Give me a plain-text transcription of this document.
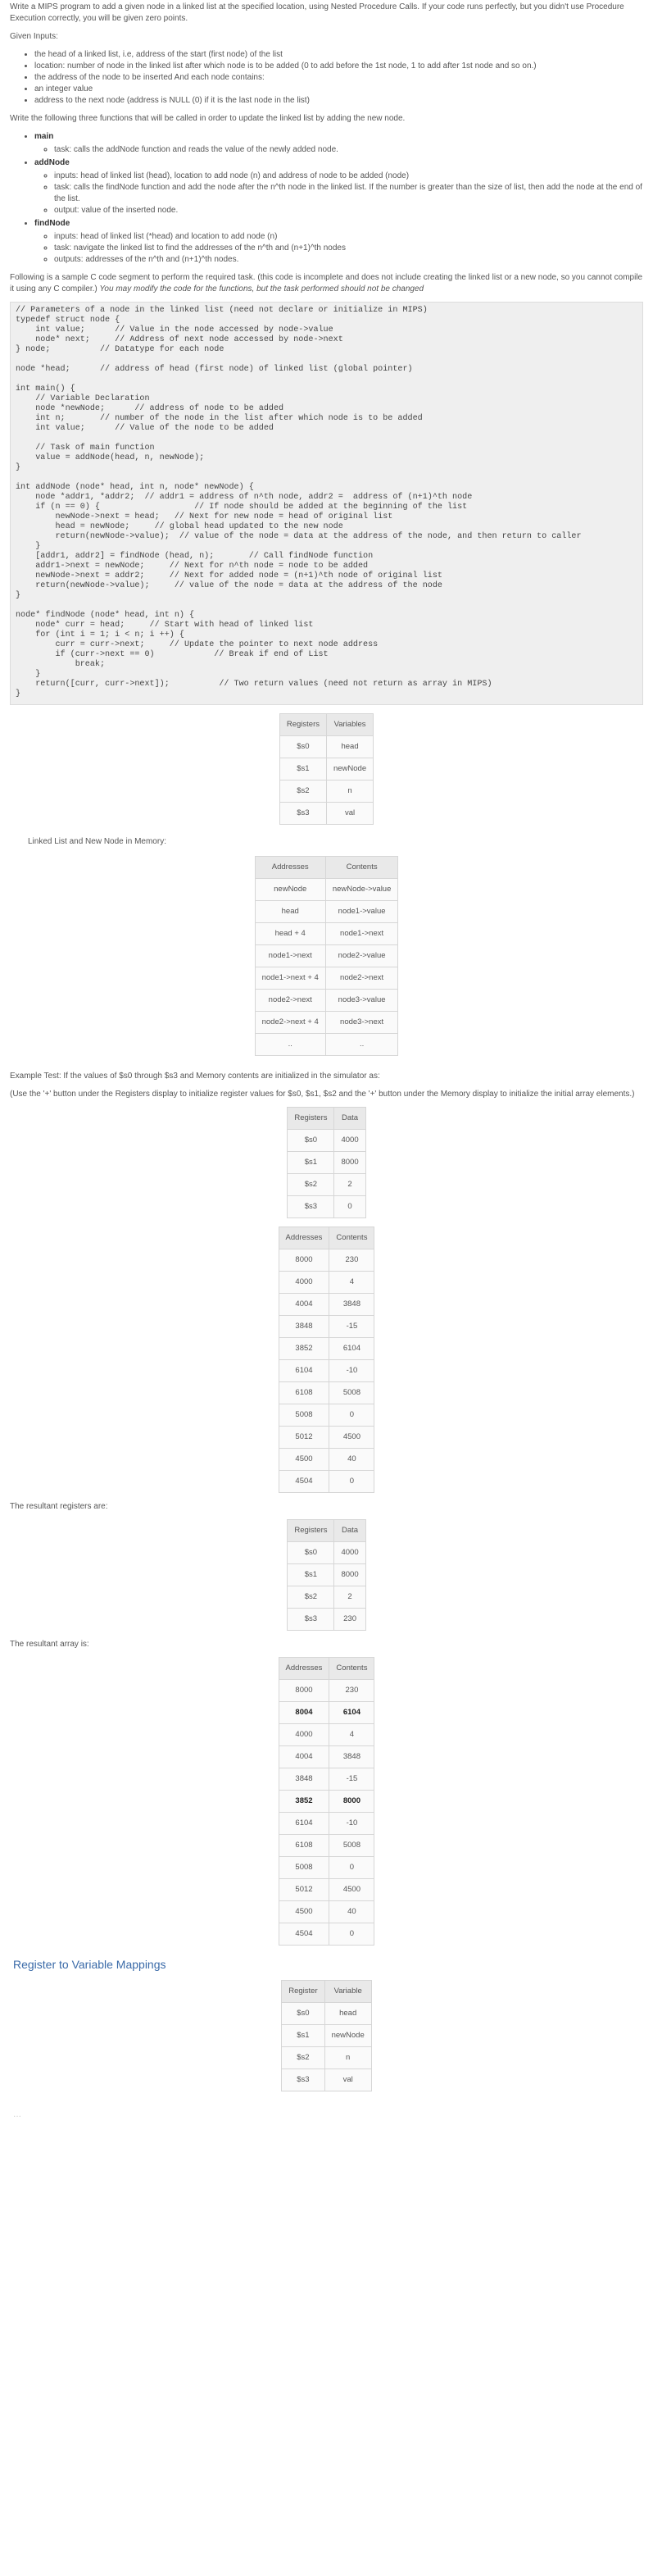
Write a MIPS program to add a given node in a linked list at the specified location, using Nested Procedure Calls. If your code runs perfectly, but you didn't use Procedure Execution correctly, you will be given zero points.

Given Inputs:

• the head of a linked list, i.e, address of the start (first node) of the list
• location: number of node in the linked list after which node is to be added (0 to add before the 1st node, 1 to add after 1st node and so on.)
• the address of the node to be inserted And each node contains:
• an integer value
• address to the next node (address is NULL (0) if it is the last node in the list)

Write the following three functions that will be called in order to update the linked list by adding the new node.

• main
◦ task: calls the addNode function and reads the value of the newly added node.
• addNode
◦ inputs: head of linked list (head), location to add node (n) and address of node to be added (node)
◦ task: calls the findNode function and add the node after the n^th node in the linked list. If the number is greater than the size of list, then add the node at the end of the list.
◦ output: value of the inserted node.
• findNode
◦ inputs: head of linked list (*head) and location to add node (n)
◦ task: navigate the linked list to find the addresses of the n^th and (n+1)^th nodes
◦ outputs: addresses of the n^th and (n+1)^th nodes.

Following is a sample C code segment to perform the required task. (this code is incomplete and does not include creating the linked list or a new node, so you cannot compile it using any C compiler.) You may modify the code for the functions, but the task performed should not be changed

// Parameters of a node in the linked list (need not declare or initialize in MIPS)
typedef struct node {
int value;      // Value in the node accessed by node->value
node* next;     // Address of next node accessed by node->next
} node;          // Datatype for each node

node *head;      // address of head (first node) of linked list (global pointer)

int main() {
// Variable Declaration
node *newNode;      // address of node to be added
int n;       // number of the node in the list after which node is to be added
int value;      // Value of the node to be added

// Task of main function
value = addNode(head, n, newNode);
}

int addNode (node* head, int n, node* newNode) {
node *addr1, *addr2;  // addr1 = address of n^th node, addr2 =  address of (n+1)^th node
if (n == 0) {                   // If node should be added at the beginning of the list
newNode->next = head;   // Next for new node = head of original list
head = newNode;     // global head updated to the new node
return(newNode->value);  // value of the node = data at the address of the node, and then return to caller
}
[addr1, addr2] = findNode (head, n);       // Call findNode function
addr1->next = newNode;     // Next for n^th node = node to be added
newNode->next = addr2;     // Next for added node = (n+1)^th node of original list
return(newNode->value);     // value of the node = data at the address of the node
}

node* findNode (node* head, int n) {
node* curr = head;     // Start with head of linked list
for (int i = 1; i < n; i ++) {
curr = curr->next;     // Update the pointer to next node address
if (curr->next == 0)            // Break if end of List
break;
}
return([curr, curr->next]);          // Two return values (need not return as array in MIPS)
}
Registers	Variables
$s0	head
$s1	newNode
$s2	n
$s3	val

Linked List and New Node in Memory:

Addresses	Contents
newNode	newNode->value
head	node1->value
head + 4	node1->next
node1->next	node2->value
node1->next + 4	node2->next
node2->next	node3->value
node2->next + 4	node3->next
..	..

Example Test: If the values of $s0 through $s3 and Memory contents are initialized in the simulator as:

(Use the '+' button under the Registers display to initialize register values for $s0, $s1, $s2 and the '+' button under the Memory display to initialize the initial array elements.)

Registers	Data
$s0	4000
$s1	8000
$s2	2
$s3	0
Addresses	Contents
8000	230
4000	4
4004	3848
3848	-15
3852	6104
6104	-10
6108	5008
5008	0
5012	4500
4500	40
4504	0

The resultant registers are:

Registers	Data
$s0	4000
$s1	8000
$s2	2
$s3	230

The resultant array is:

Addresses	Contents
8000	230
8004	6104
4000	4
4004	3848
3848	-15
3852	8000
6104	-10
6108	5008
5008	0
5012	4500
4500	40
4504	0
Register to Variable Mappings
Register	Variable
$s0	head
$s1	newNode
$s2	n
$s3	val
...
